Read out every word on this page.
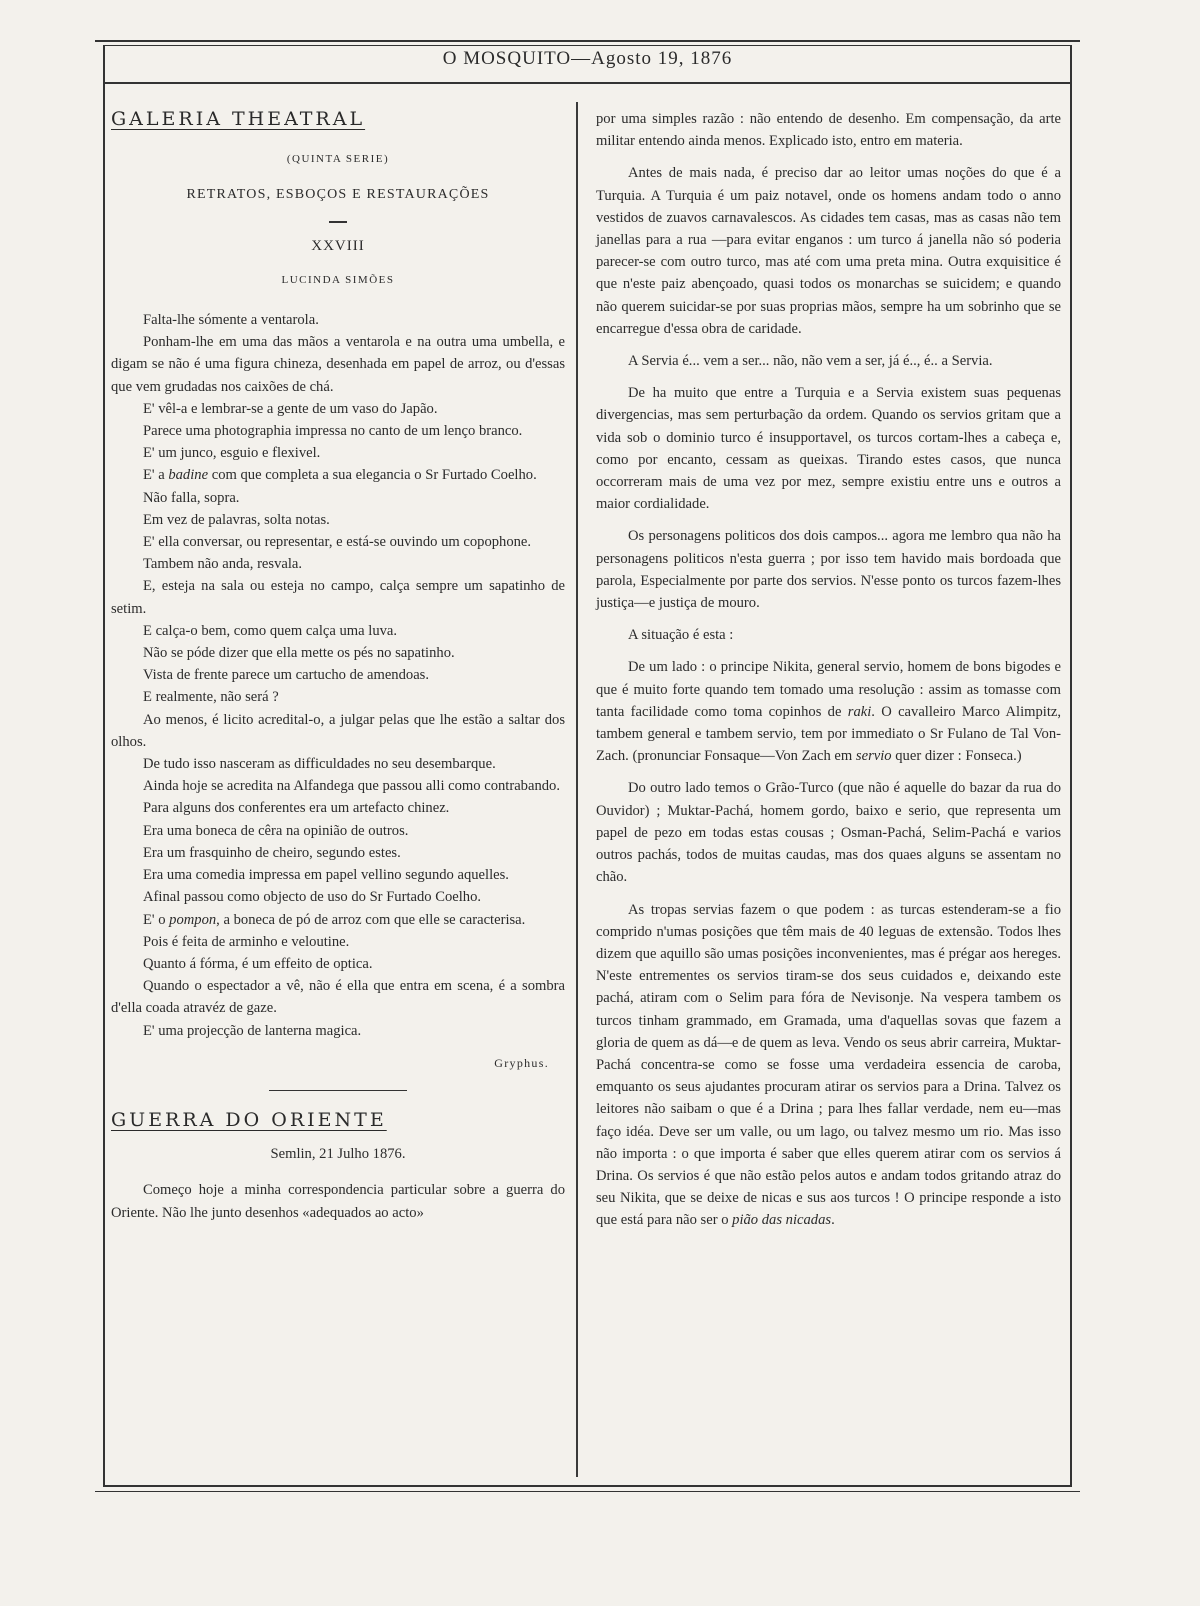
O MOSQUITO—Agosto 19, 1876

GALERIA THEATRAL

(QUINTA SERIE)

RETRATOS, ESBOÇOS E RESTAURAÇÕES

XXVIII

LUCINDA SIMÕES

Falta-lhe sómente a ventarola.

Ponham-lhe em uma das mãos a ventarola e na outra uma umbella, e digam se não é uma figura chineza, desenhada em papel de arroz, ou d'essas que vem grudadas nos caixões de chá.

E' vêl-a e lembrar-se a gente de um vaso do Japão.

Parece uma photographia impressa no canto de um lenço branco.

E' um junco, esguio e flexivel.

E' a badine com que completa a sua elegancia o Sr Furtado Coelho.

Não falla, sopra.

Em vez de palavras, solta notas.

E' ella conversar, ou representar, e está-se ouvindo um copophone.

Tambem não anda, resvala.

E, esteja na sala ou esteja no campo, calça sempre um sapatinho de setim.

E calça-o bem, como quem calça uma luva.

Não se póde dizer que ella mette os pés no sapatinho.

Vista de frente parece um cartucho de amendoas.

E realmente, não será ?

Ao menos, é licito acredital-o, a julgar pelas que lhe estão a saltar dos olhos.

De tudo isso nasceram as difficuldades no seu desembarque.

Ainda hoje se acredita na Alfandega que passou alli como contrabando.

Para alguns dos conferentes era um artefacto chinez.

Era uma boneca de cêra na opinião de outros.

Era um frasquinho de cheiro, segundo estes.

Era uma comedia impressa em papel vellino segundo aquelles.

Afinal passou como objecto de uso do Sr Furtado Coelho.

E' o pompon, a boneca de pó de arroz com que elle se caracterisa.

Pois é feita de arminho e veloutine.

Quanto á fórma, é um effeito de optica.

Quando o espectador a vê, não é ella que entra em scena, é a sombra d'ella coada atravéz de gaze.

E' uma projecção de lanterna magica.

Gryphus.

GUERRA DO ORIENTE

Semlin, 21 Julho 1876.

Começo hoje a minha correspondencia particular sobre a guerra do Oriente. Não lhe junto desenhos «adequados ao acto»

por uma simples razão : não entendo de desenho. Em compensação, da arte militar entendo ainda menos. Explicado isto, entro em materia.

Antes de mais nada, é preciso dar ao leitor umas noções do que é a Turquia. A Turquia é um paiz notavel, onde os homens andam todo o anno vestidos de zuavos carnavalescos. As cidades tem casas, mas as casas não tem janellas para a rua —para evitar enganos : um turco á janella não só poderia parecer-se com outro turco, mas até com uma preta mina. Outra exquisitice é que n'este paiz abençoado, quasi todos os monarchas se suicidem; e quando não querem suicidar-se por suas proprias mãos, sempre ha um sobrinho que se encarregue d'essa obra de caridade.

A Servia é... vem a ser... não, não vem a ser, já é.., é.. a Servia.

De ha muito que entre a Turquia e a Servia existem suas pequenas divergencias, mas sem perturbação da ordem. Quando os servios gritam que a vida sob o dominio turco é insupportavel, os turcos cortam-lhes a cabeça e, como por encanto, cessam as queixas. Tirando estes casos, que nunca occorreram mais de uma vez por mez, sempre existiu entre uns e outros a maior cordialidade.

Os personagens politicos dos dois campos... agora me lembro qua não ha personagens politicos n'esta guerra ; por isso tem havido mais bordoada que parola, Especialmente por parte dos servios. N'esse ponto os turcos fazem-lhes justiça—e justiça de mouro.

A situação é esta :

De um lado : o principe Nikita, general servio, homem de bons bigodes e que é muito forte quando tem tomado uma resolução : assim as tomasse com tanta facilidade como toma copinhos de raki. O cavalleiro Marco Alimpitz, tambem general e tambem servio, tem por immediato o Sr Fulano de Tal Von-Zach. (pronunciar Fonsaque—Von Zach em servio quer dizer : Fonseca.)

Do outro lado temos o Grão-Turco (que não é aquelle do bazar da rua do Ouvidor) ; Muktar-Pachá, homem gordo, baixo e serio, que representa um papel de pezo em todas estas cousas ; Osman-Pachá, Selim-Pachá e varios outros pachás, todos de muitas caudas, mas dos quaes alguns se assentam no chão.

As tropas servias fazem o que podem : as turcas estenderam-se a fio comprido n'umas posições que têm mais de 40 leguas de extensão. Todos lhes dizem que aquillo são umas posições inconvenientes, mas é prégar aos hereges. N'este entrementes os servios tiram-se dos seus cuidados e, deixando este pachá, atiram com o Selim para fóra de Nevisonje. Na vespera tambem os turcos tinham grammado, em Gramada, uma d'aquellas sovas que fazem a gloria de quem as dá—e de quem as leva. Vendo os seus abrir carreira, Muktar-Pachá concentra-se como se fosse uma verdadeira essencia de caroba, emquanto os seus ajudantes procuram atirar os servios para a Drina. Talvez os leitores não saibam o que é a Drina ; para lhes fallar verdade, nem eu—mas faço idéa. Deve ser um valle, ou um lago, ou talvez mesmo um rio. Mas isso não importa : o que importa é saber que elles querem atirar com os servios á Drina. Os servios é que não estão pelos autos e andam todos gritando atraz do seu Nikita, que se deixe de nicas e sus aos turcos ! O principe responde a isto que está para não ser o pião das nicadas.
